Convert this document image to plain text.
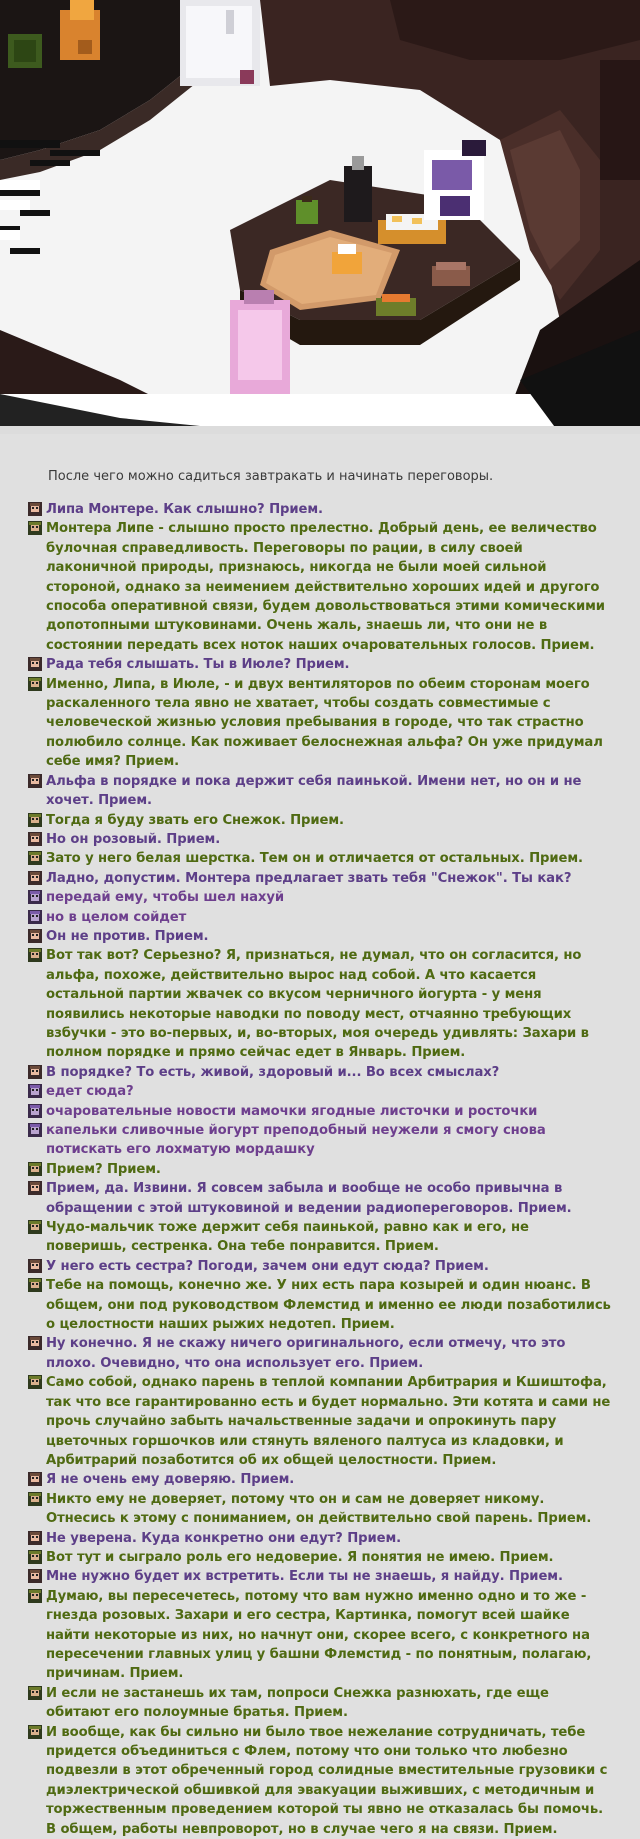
После чего можно садиться завтракать и начинать переговоры.
Липа Монтере. Как слышно? Прием.
Монтера Липе - слышно просто прелестно. Добрый день, ее величество булочная справедливость. Переговоры по рации, в силу своей лаконичной природы, признаюсь, никогда не были моей сильной стороной, однако за неимением действительно хороших идей и другого способа оперативной связи, будем довольствоваться этими комическими допотопными штуковинами. Очень жаль, знаешь ли, что они не в состоянии передать всех ноток наших очаровательных голосов. Прием.
Рада тебя слышать. Ты в Июле? Прием.
Именно, Липа, в Июле, - и двух вентиляторов по обеим сторонам моего раскаленного тела явно не хватает, чтобы создать совместимые с человеческой жизнью условия пребывания в городе, что так страстно полюбило солнце. Как поживает белоснежная альфа? Он уже придумал себе имя? Прием.
Альфа в порядке и пока держит себя паинькой. Имени нет, но он и не хочет. Прием.
Тогда я буду звать его Снежок. Прием.
Но он розовый. Прием.
Зато у него белая шерстка. Тем он и отличается от остальных. Прием.
Ладно, допустим. Монтера предлагает звать тебя "Снежок". Ты как?
передай ему, чтобы шел нахуй
но в целом сойдет
Он не против. Прием.
Вот так вот? Серьезно? Я, признаться, не думал, что он согласится, но альфа, похоже, действительно вырос над собой. А что касается остальной партии жвачек со вкусом черничного йогурта - у меня появились некоторые наводки по поводу мест, отчаянно требующих взбучки - это во-первых, и, во-вторых, моя очередь удивлять: Захари в полном порядке и прямо сейчас едет в Январь. Прием.
В порядке? То есть, живой, здоровый и... Во всех смыслах?
едет сюда?
очаровательные новости мамочки ягодные листочки и росточки
капельки сливочные йогурт преподобный неужели я смогу снова потискать его лохматую мордашку
Прием? Прием.
Прием, да. Извини. Я совсем забыла и вообще не особо привычна в обращении с этой штуковиной и ведении радиопереговоров. Прием.
Чудо-мальчик тоже держит себя паинькой, равно как и его, не поверишь, сестренка. Она тебе понравится. Прием.
У него есть сестра? Погоди, зачем они едут сюда? Прием.
Тебе на помощь, конечно же. У них есть пара козырей и один нюанс. В общем, они под руководством Флемстид и именно ее люди позаботились о целостности наших рыжих недотеп. Прием.
Ну конечно. Я не скажу ничего оригинального, если отмечу, что это плохо. Очевидно, что она использует его. Прием.
Само собой, однако парень в теплой компании Арбитрария и Кшиштофа, так что все гарантированно есть и будет нормально. Эти котята и сами не прочь случайно забыть начальственные задачи и опрокинуть пару цветочных горшочков или стянуть вяленого палтуса из кладовки, и Арбитрарий позаботится об их общей целостности. Прием.
Я не очень ему доверяю. Прием.
Никто ему не доверяет, потому что он и сам не доверяет никому. Отнесись к этому с пониманием, он действительно свой парень. Прием.
Не уверена. Куда конкретно они едут? Прием.
Вот тут и сыграло роль его недоверие. Я понятия не имею. Прием.
Мне нужно будет их встретить. Если ты не знаешь, я найду. Прием.
Думаю, вы пересечетесь, потому что вам нужно именно одно и то же - гнезда розовых. Захари и его сестра, Картинка, помогут всей шайке найти некоторые из них, но начнут они, скорее всего, с конкретного на пересечении главных улиц у башни Флемстид - по понятным, полагаю, причинам. Прием.
И если не застанешь их там, попроси Снежка разнюхать, где еще обитают его полоумные братья. Прием.
И вообще, как бы сильно ни было твое нежелание сотрудничать, тебе придется объединиться с Флем, потому что они только что любезно подвезли в этот обреченный город солидные вместительные грузовики с диэлектрической обшивкой для эвакуации выживших, с методичным и торжественным проведением которой ты явно не отказалась бы помочь. В общем, работы невпроворот, но в случае чего я на связи. Прием.
